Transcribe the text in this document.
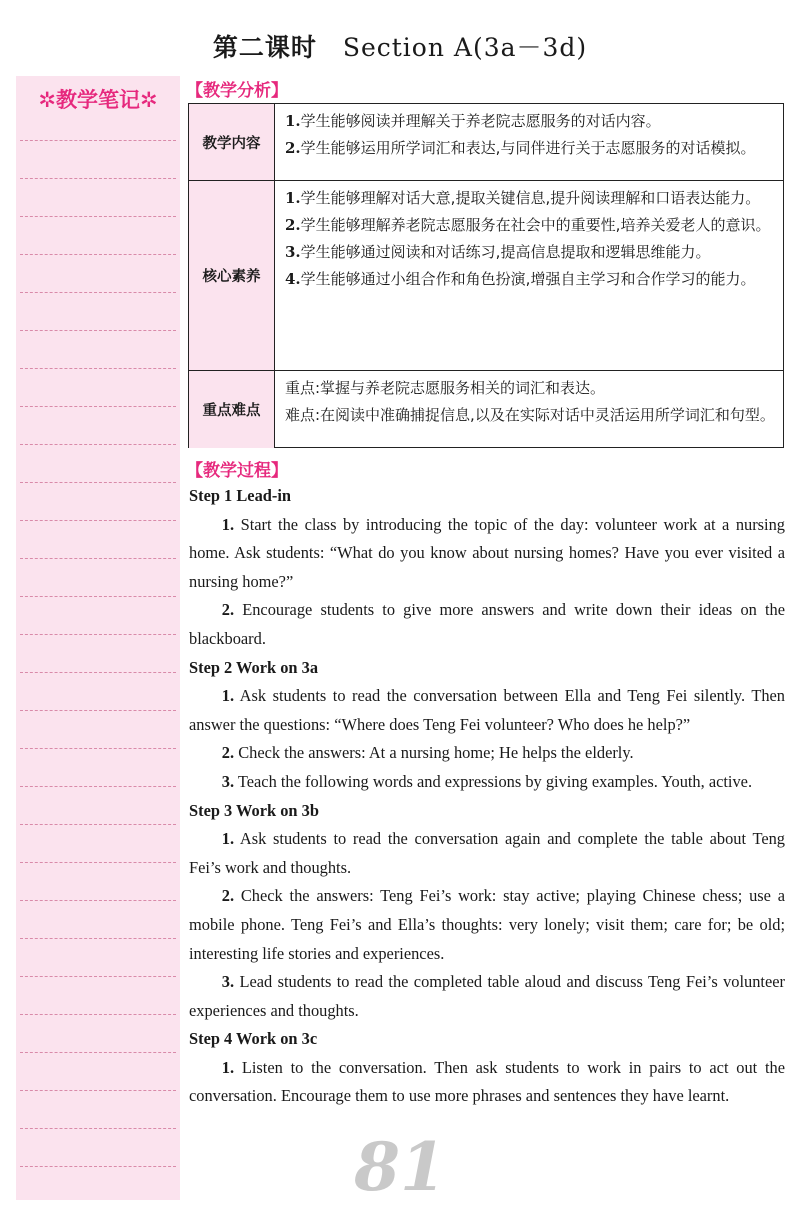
第二课时 Section A(3a－3d)
✲教学笔记✲	【教学分析】
教学内容
1.学生能够阅读并理解关于养老院志愿服务的对话内容。
2.学生能够运用所学词汇和表达,与同伴进行关于志愿服务的对话模拟。
核心素养
1.学生能够理解对话大意,提取关键信息,提升阅读理解和口语表达能力。
2.学生能够理解养老院志愿服务在社会中的重要性,培养关爱老人的意识。
3.学生能够通过阅读和对话练习,提高信息提取和逻辑思维能力。
4.学生能够通过小组合作和角色扮演,增强自主学习和合作学习的能力。
重点难点
重点:掌握与养老院志愿服务相关的词汇和表达。
难点:在阅读中准确捕捉信息,以及在实际对话中灵活运用所学词汇和句型。
【教学过程】
81
Step 1 Lead-in
1. Start the class by introducing the topic of the day: volunteer work at a nursing home. Ask students: “What do you know about nursing homes? Have you ever visited a nursing home?”
2. Encourage students to give more answers and write down their ideas on the blackboard.
Step 2 Work on 3a
1. Ask students to read the conversation between Ella and Teng Fei silently. Then answer the questions: “Where does Teng Fei volunteer? Who does he help?”
2. Check the answers: At a nursing home; He helps the elderly.
3. Teach the following words and expressions by giving examples. Youth, active.
Step 3 Work on 3b
1. Ask students to read the conversation again and complete the table about Teng Fei’s work and thoughts.
2. Check the answers: Teng Fei’s work: stay active; playing Chinese chess; use a mobile phone. Teng Fei’s and Ella’s thoughts: very lonely; visit them; care for; be old; interesting life stories and experiences.
3. Lead students to read the completed table aloud and discuss Teng Fei’s volunteer experiences and thoughts.
Step 4 Work on 3c
1. Listen to the conversation. Then ask students to work in pairs to act out the conversation. Encourage them to use more phrases and sentences they have learnt.
